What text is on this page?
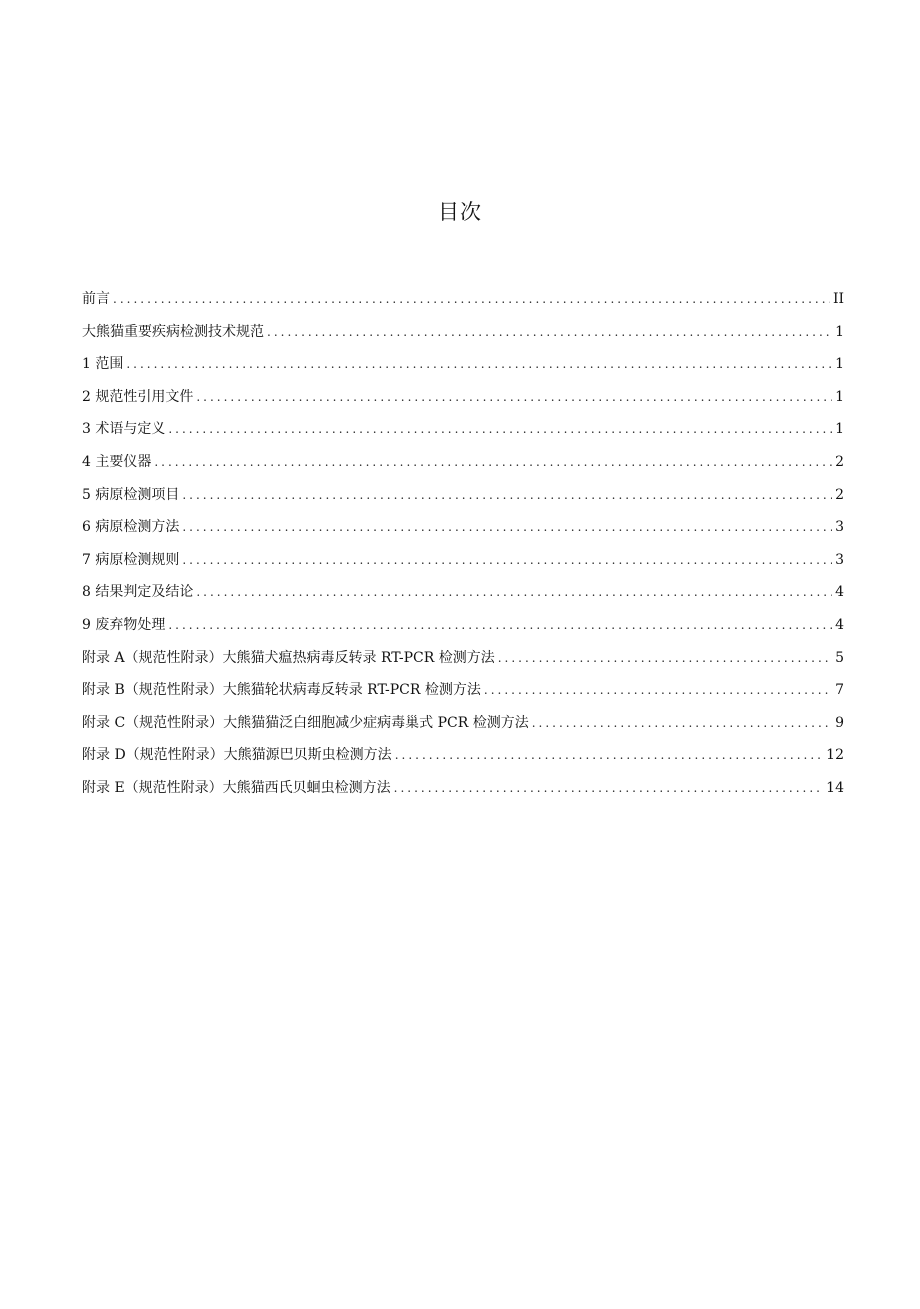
目次
前言 .....	II
大熊猫重要疾病检测技术规范 .....	1
1 范围 .....	1
2 规范性引用文件 .....	1
3 术语与定义 .....	1
4 主要仪器 .....	2
5 病原检测项目 .....	2
6 病原检测方法 .....	3
7 病原检测规则 .....	3
8 结果判定及结论 .....	4
9 废弃物处理 .....	4
附录 A（规范性附录）大熊猫犬瘟热病毒反转录 RT-PCR 检测方法 .....	5
附录 B（规范性附录）大熊猫轮状病毒反转录 RT-PCR 检测方法 .....	7
附录 C（规范性附录）大熊猫猫泛白细胞减少症病毒巢式 PCR 检测方法 .....	9
附录 D（规范性附录）大熊猫源巴贝斯虫检测方法 .....	12
附录 E（规范性附录）大熊猫西氏贝蛔虫检测方法 .....	14
